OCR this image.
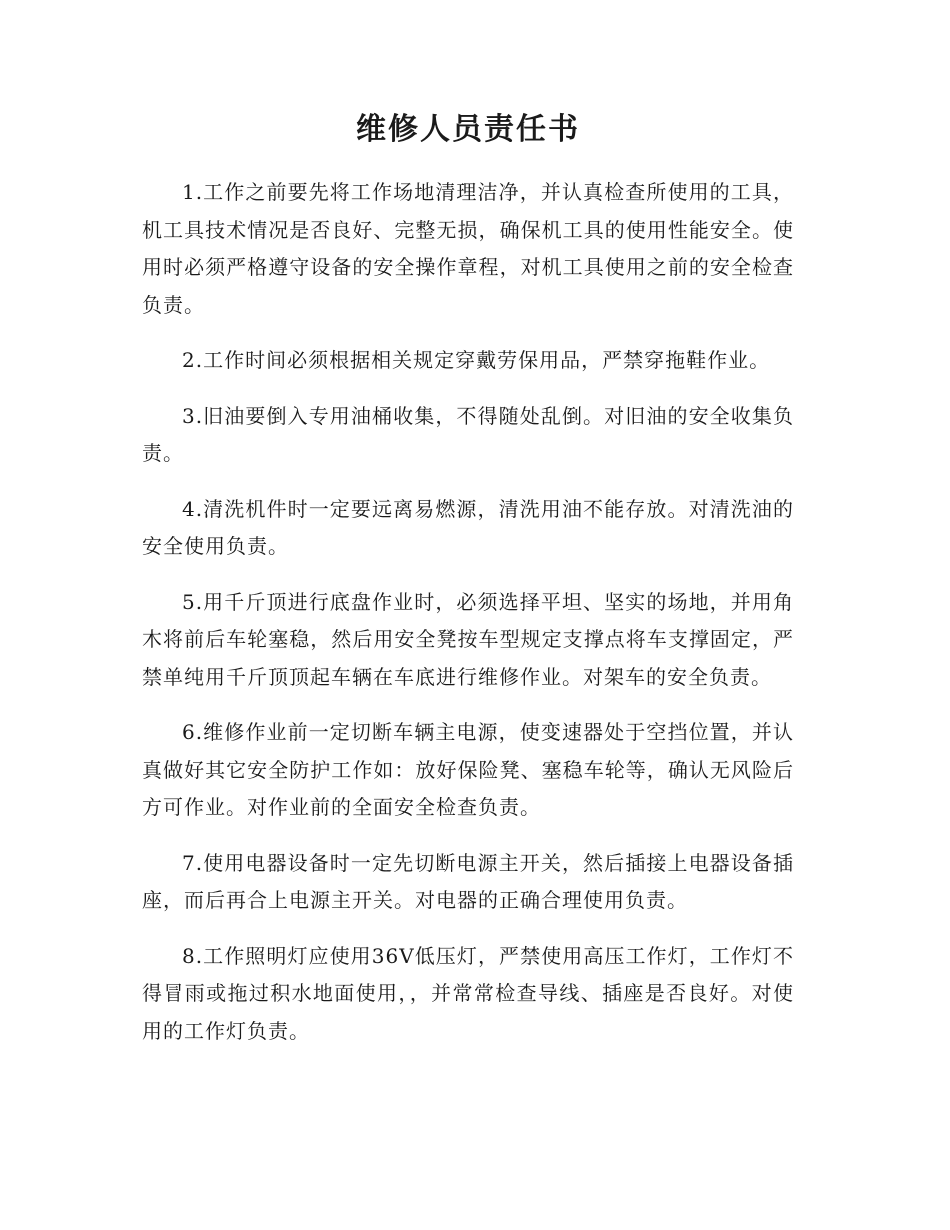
维修人员责任书

1.工作之前要先将工作场地清理洁净，并认真检查所使用的工具，机工具技术情况是否良好、完整无损，确保机工具的使用性能安全。使用时必须严格遵守设备的安全操作章程，对机工具使用之前的安全检查负责。

2.工作时间必须根据相关规定穿戴劳保用品，严禁穿拖鞋作业。

3.旧油要倒入专用油桶收集，不得随处乱倒。对旧油的安全收集负责。

4.清洗机件时一定要远离易燃源，清洗用油不能存放。对清洗油的安全使用负责。

5.用千斤顶进行底盘作业时，必须选择平坦、坚实的场地，并用角木将前后车轮塞稳，然后用安全凳按车型规定支撑点将车支撑固定，严禁单纯用千斤顶顶起车辆在车底进行维修作业。对架车的安全负责。

6.维修作业前一定切断车辆主电源，使变速器处于空挡位置，并认真做好其它安全防护工作如：放好保险凳、塞稳车轮等，确认无风险后方可作业。对作业前的全面安全检查负责。

7.使用电器设备时一定先切断电源主开关，然后插接上电器设备插座，而后再合上电源主开关。对电器的正确合理使用负责。

8.工作照明灯应使用36V低压灯，严禁使用高压工作灯，工作灯不得冒雨或拖过积水地面使用，，并常常检查导线、插座是否良好。对使用的工作灯负责。
